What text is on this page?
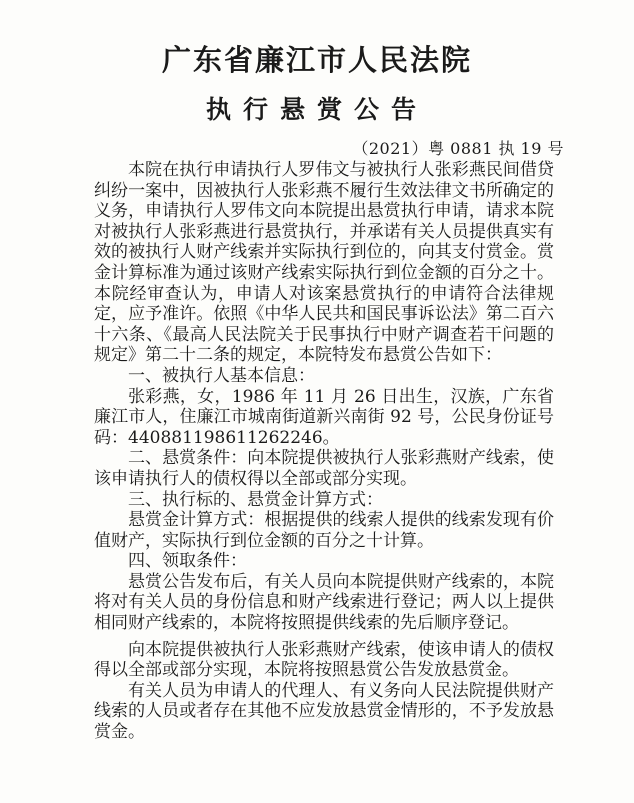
广东省廉江市人民法院
执行悬赏公告
（2021）粤 0881 执 19 号

本院在执行申请执行人罗伟文与被执行人张彩燕民间借贷纠纷一案中，因被执行人张彩燕不履行生效法律文书所确定的义务，申请执行人罗伟文向本院提出悬赏执行申请，请求本院对被执行人张彩燕进行悬赏执行，并承诺有关人员提供真实有效的被执行人财产线索并实际执行到位的，向其支付赏金。赏金计算标准为通过该财产线索实际执行到位金额的百分之十。本院经审查认为，申请人对该案悬赏执行的申请符合法律规定，应予准许。依照《中华人民共和国民事诉讼法》第二百六十六条、《最高人民法院关于民事执行中财产调查若干问题的规定》第二十二条的规定，本院特发布悬赏公告如下：

一、被执行人基本信息：

张彩燕，女，1986 年 11 月 26 日出生，汉族，广东省廉江市人，住廉江市城南街道新兴南街 92 号，公民身份证号码：440881198611262246。

二、悬赏条件：向本院提供被执行人张彩燕财产线索，使该申请执行人的债权得以全部或部分实现。

三、执行标的、悬赏金计算方式：

悬赏金计算方式：根据提供的线索人提供的线索发现有价值财产，实际执行到位金额的百分之十计算。

四、领取条件：

悬赏公告发布后，有关人员向本院提供财产线索的，本院将对有关人员的身份信息和财产线索进行登记；两人以上提供相同财产线索的，本院将按照提供线索的先后顺序登记。

向本院提供被执行人张彩燕财产线索，使该申请人的债权得以全部或部分实现，本院将按照悬赏公告发放悬赏金。

有关人员为申请人的代理人、有义务向人民法院提供财产线索的人员或者存在其他不应发放悬赏金情形的，不予发放悬赏金。
